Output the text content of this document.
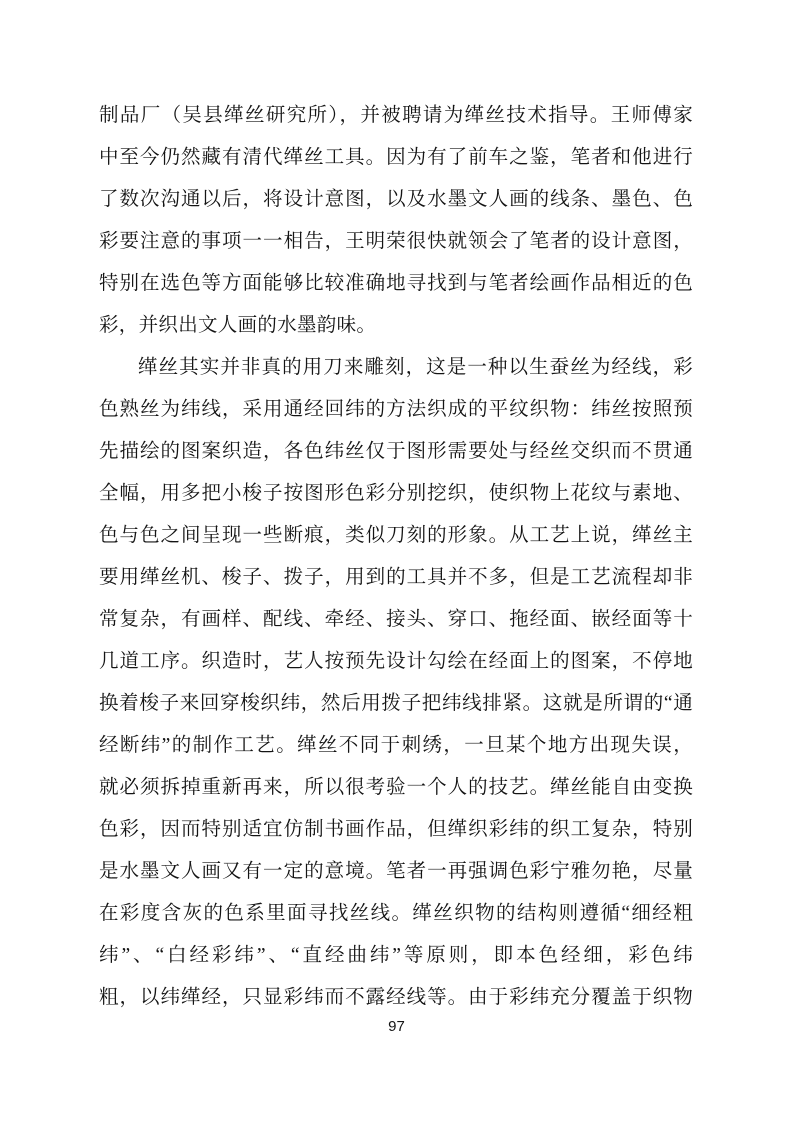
制品厂（吴县缂丝研究所），并被聘请为缂丝技术指导。王师傅家
中至今仍然藏有清代缂丝工具。因为有了前车之鉴，笔者和他进行
了数次沟通以后，将设计意图，以及水墨文人画的线条、墨色、色
彩要注意的事项一一相告，王明荣很快就领会了笔者的设计意图，
特别在选色等方面能够比较准确地寻找到与笔者绘画作品相近的色
彩，并织出文人画的水墨韵味。
缂丝其实并非真的用刀来雕刻，这是一种以生蚕丝为经线，彩
色熟丝为纬线，采用通经回纬的方法织成的平纹织物：纬丝按照预
先描绘的图案织造，各色纬丝仅于图形需要处与经丝交织而不贯通
全幅，用多把小梭子按图形色彩分别挖织，使织物上花纹与素地、
色与色之间呈现一些断痕，类似刀刻的形象。从工艺上说，缂丝主
要用缂丝机、梭子、拨子，用到的工具并不多，但是工艺流程却非
常复杂，有画样、配线、牵经、接头、穿口、拖经面、嵌经面等十
几道工序。织造时，艺人按预先设计勾绘在经面上的图案，不停地
换着梭子来回穿梭织纬，然后用拨子把纬线排紧。这就是所谓的“通
经断纬”的制作工艺。缂丝不同于刺绣，一旦某个地方出现失误，
就必须拆掉重新再来，所以很考验一个人的技艺。缂丝能自由变换
色彩，因而特别适宜仿制书画作品，但缂织彩纬的织工复杂，特别
是水墨文人画又有一定的意境。笔者一再强调色彩宁雅勿艳，尽量
在彩度含灰的色系里面寻找丝线。缂丝织物的结构则遵循“细经粗
纬”、“白经彩纬”、“直经曲纬”等原则，即本色经细，彩色纬
粗，以纬缂经，只显彩纬而不露经线等。由于彩纬充分覆盖于织物
97
